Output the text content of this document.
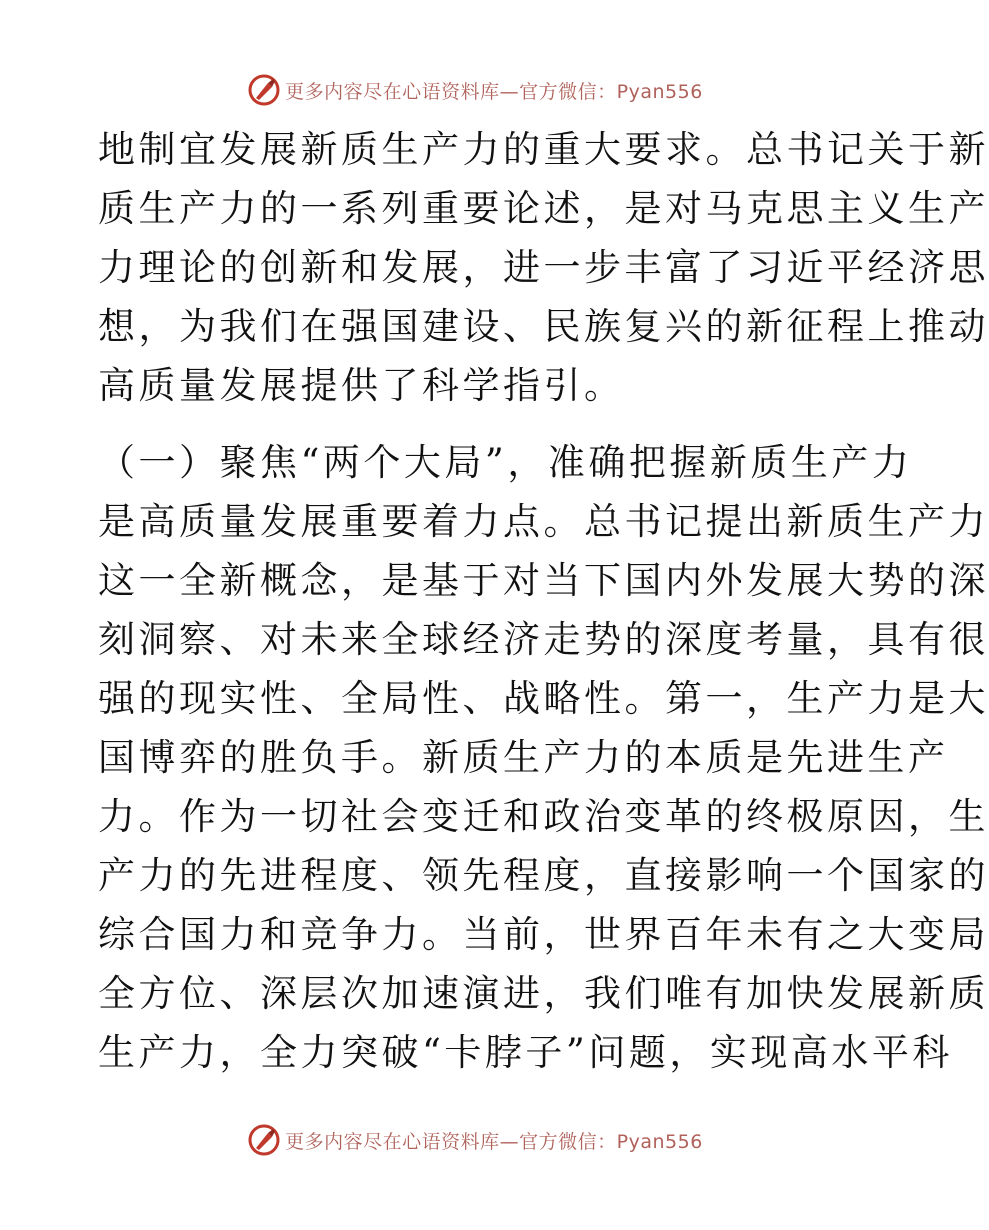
更多内容尽在心语资料库—官方微信：Pyan556
地制宜发展新质生产力的重大要求。总书记关于新
质生产力的一系列重要论述，是对马克思主义生产
力理论的创新和发展，进一步丰富了习近平经济思
想，为我们在强国建设、民族复兴的新征程上推动
高质量发展提供了科学指引。
（一）聚焦“两个大局”，准确把握新质生产力
是高质量发展重要着力点。总书记提出新质生产力
这一全新概念，是基于对当下国内外发展大势的深
刻洞察、对未来全球经济走势的深度考量，具有很
强的现实性、全局性、战略性。第一，生产力是大
国博弈的胜负手。新质生产力的本质是先进生产
力。作为一切社会变迁和政治变革的终极原因，生
产力的先进程度、领先程度，直接影响一个国家的
综合国力和竞争力。当前，世界百年未有之大变局
全方位、深层次加速演进，我们唯有加快发展新质
生产力，全力突破“卡脖子”问题，实现高水平科
更多内容尽在心语资料库—官方微信：Pyan556
